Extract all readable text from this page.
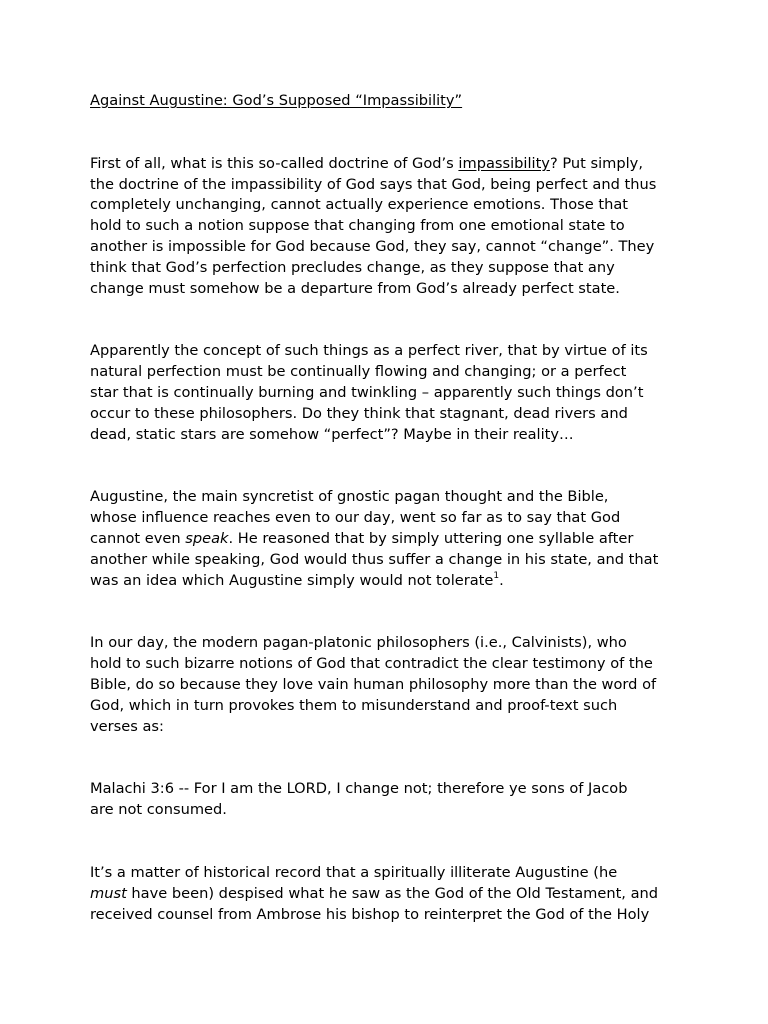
Against Augustine: God’s Supposed “Impassibility”

First of all, what is this so-called doctrine of God’s impassibility? Put simply,
the doctrine of the impassibility of God says that God, being perfect and thus
completely unchanging, cannot actually experience emotions. Those that
hold to such a notion suppose that changing from one emotional state to
another is impossible for God because God, they say, cannot “change”. They
think that God’s perfection precludes change, as they suppose that any
change must somehow be a departure from God’s already perfect state.

Apparently the concept of such things as a perfect river, that by virtue of its
natural perfection must be continually flowing and changing; or a perfect
star that is continually burning and twinkling – apparently such things don’t
occur to these philosophers. Do they think that stagnant, dead rivers and
dead, static stars are somehow “perfect”? Maybe in their reality…

Augustine, the main syncretist of gnostic pagan thought and the Bible,
whose influence reaches even to our day, went so far as to say that God
cannot even speak. He reasoned that by simply uttering one syllable after
another while speaking, God would thus suffer a change in his state, and that
was an idea which Augustine simply would not tolerate$^1$.

In our day, the modern pagan-platonic philosophers (i.e., Calvinists), who
hold to such bizarre notions of God that contradict the clear testimony of the
Bible, do so because they love vain human philosophy more than the word of
God, which in turn provokes them to misunderstand and proof-text such
verses as:

Malachi 3:6 -- For I am the LORD, I change not; therefore ye sons of Jacob
are not consumed.

It’s a matter of historical record that a spiritually illiterate Augustine (he
must have been) despised what he saw as the God of the Old Testament, and
received counsel from Ambrose his bishop to reinterpret the God of the Holy
